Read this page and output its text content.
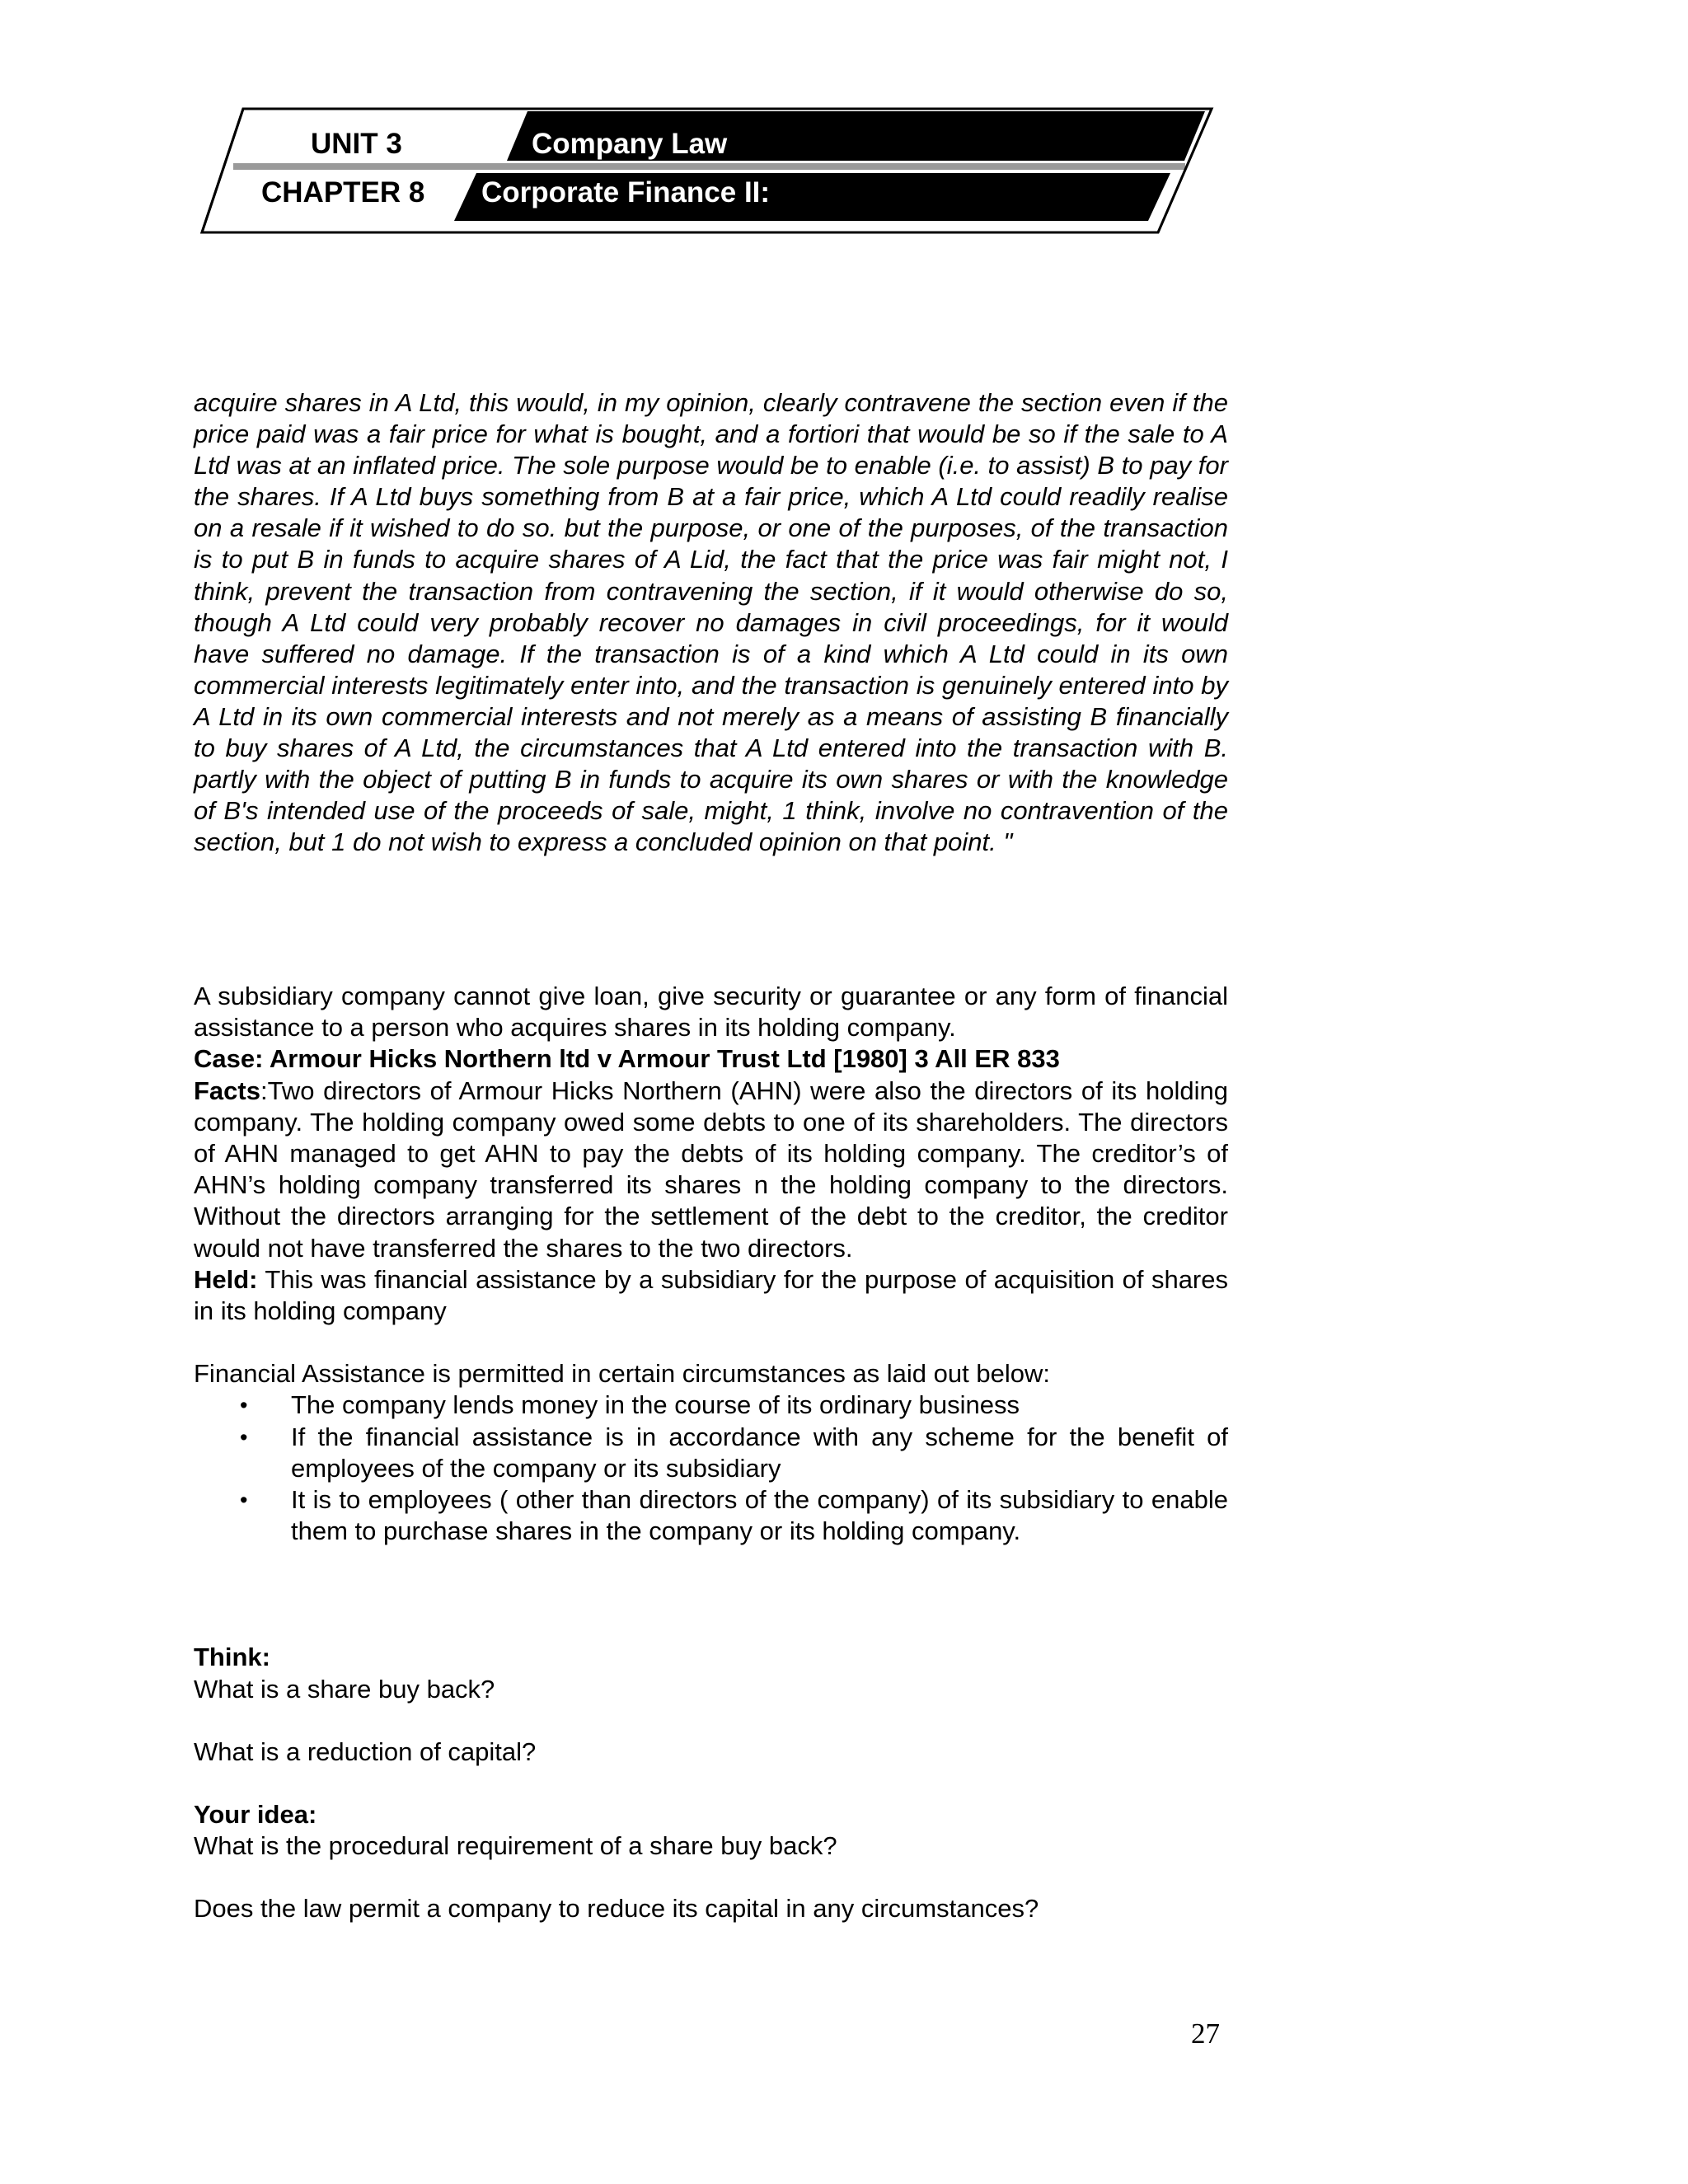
UNIT 3	Company Law
CHAPTER 8 Corporate Finance II:

acquire shares in A Ltd, this would, in my opinion, clearly contravene the section even if the price paid was a fair price for what is bought, and a fortiori that would be so if the sale to A Ltd was at an inflated price. The sole purpose would be to enable (i.e. to assist) B to pay for the shares. If A Ltd buys something from B at a fair price, which A Ltd could readily realise on a resale if it wished to do so. but the purpose, or one of the purposes, of the transaction is to put B in funds to acquire shares of A Lid, the fact that the price was fair might not, I think, prevent the transaction from contravening the section, if it would otherwise do so, though A Ltd could very probably recover no damages in civil proceedings, for it would have suffered no damage. If the transaction is of a kind which A Ltd could in its own commercial interests legitimately enter into, and the transaction is genuinely entered into by A Ltd in its own commercial interests and not merely as a means of assisting B financially to buy shares of A Ltd, the circumstances that A Ltd entered into the transaction with B. partly with the object of putting B in funds to acquire its own shares or with the knowledge of B's intended use of the proceeds of sale, might, 1 think, involve no contravention of the section, but 1 do not wish to express a concluded opinion on that point. "

A subsidiary company cannot give loan, give security or guarantee or any form of financial assistance to a person who acquires shares in its holding company.

Case: Armour Hicks Northern ltd v Armour Trust Ltd [1980] 3 All ER 833

Facts:Two directors of Armour Hicks Northern (AHN) were also the directors of its holding company. The holding company owed some debts to one of its shareholders. The directors of AHN managed to get AHN to pay the debts of its holding company. The creditor’s of AHN’s holding company transferred its shares n the holding company to the directors. Without the directors arranging for the settlement of the debt to the creditor, the creditor would not have transferred the shares to the two directors.

Held: This was financial assistance by a subsidiary for the purpose of acquisition of shares in its holding company

Financial Assistance is permitted in certain circumstances as laid out below:

• The company lends money in the course of its ordinary business
• If the financial assistance is in accordance with any scheme for the benefit of employees of the company or its subsidiary
• It is to employees ( other than directors of the company) of its subsidiary to enable them to purchase shares in the company or its holding company.

Think:

What is a share buy back?

What is a reduction of capital?

Your idea:

What is the procedural requirement of a share buy back?

Does the law permit a company to reduce its capital in any circumstances?

27
